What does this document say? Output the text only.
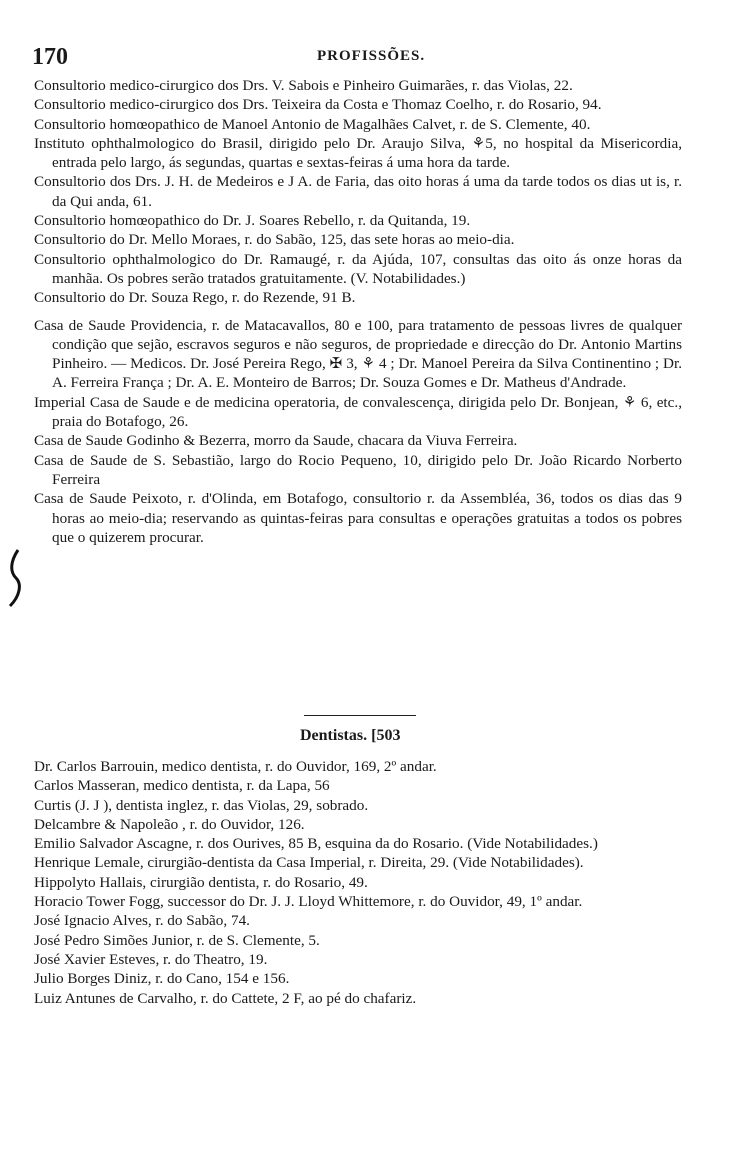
170	PROFISSÕES.

Consultorio medico-cirurgico dos Drs. V. Sabois e Pinheiro Guimarães, r. das Violas, 22.

Consultorio medico-cirurgico dos Drs. Teixeira da Costa e Thomaz Coelho, r. do Rosario, 94.

Consultorio homœopathico de Manoel Antonio de Magalhães Calvet, r. de S. Clemente, 40.

Instituto ophthalmologico do Brasil, dirigido pelo Dr. Araujo Silva, ⚘5, no hospital da Misericordia, entrada pelo largo, ás segundas, quartas e sextas-feiras á uma hora da tarde.

Consultorio dos Drs. J. H. de Medeiros e J A. de Faria, das oito horas á uma da tarde todos os dias ut is, r. da Qui anda, 61.

Consultorio homœopathico do Dr. J. Soares Rebello, r. da Quitanda, 19.

Consultorio do Dr. Mello Moraes, r. do Sabão, 125, das sete horas ao meio-dia.

Consultorio ophthalmologico do Dr. Ramaugé, r. da Ajúda, 107, consultas das oito ás onze horas da manhãa. Os pobres serão tratados gratuitamente. (V. Notabilidades.)

Consultorio do Dr. Souza Rego, r. do Rezende, 91 B.

Casa de Saude Providencia, r. de Matacavallos, 80 e 100, para tratamento de pessoas livres de qualquer condição que sejão, escravos seguros e não seguros, de propriedade e direcção do Dr. Antonio Martins Pinheiro. — Medicos. Dr. José Pereira Rego, ✠ 3, ⚘ 4 ; Dr. Manoel Pereira da Silva Continentino ; Dr. A. Ferreira França ; Dr. A. E. Monteiro de Barros; Dr. Souza Gomes e Dr. Matheus d'Andrade.

Imperial Casa de Saude e de medicina operatoria, de convalescença, dirigida pelo Dr. Bonjean, ⚘ 6, etc., praia do Botafogo, 26.

Casa de Saude Godinho & Bezerra, morro da Saude, chacara da Viuva Ferreira.

Casa de Saude de S. Sebastião, largo do Rocio Pequeno, 10, dirigido pelo Dr. João Ricardo Norberto Ferreira

Casa de Saude Peixoto, r. d'Olinda, em Botafogo, consultorio r. da Assembléa, 36, todos os dias das 9 horas ao meio-dia; reservando as quintas-feiras para consultas e operações gratuitas a todos os pobres que o quizerem procurar.

Dentistas. [503

Dr. Carlos Barrouin, medico dentista, r. do Ouvidor, 169, 2º andar.

Carlos Masseran, medico dentista, r. da Lapa, 56

Curtis (J. J ), dentista inglez, r. das Violas, 29, sobrado.

Delcambre & Napoleão , r. do Ouvidor, 126.

Emilio Salvador Ascagne, r. dos Ourives, 85 B, esquina da do Rosario. (Vide Notabilidades.)

Henrique Lemale, cirurgião-dentista da Casa Imperial, r. Direita, 29. (Vide Notabilidades).

Hippolyto Hallais, cirurgião dentista, r. do Rosario, 49.

Horacio Tower Fogg, successor do Dr. J. J. Lloyd Whittemore, r. do Ouvidor, 49, 1º andar.

José Ignacio Alves, r. do Sabão, 74.

José Pedro Simões Junior, r. de S. Clemente, 5.

José Xavier Esteves, r. do Theatro, 19.

Julio Borges Diniz, r. do Cano, 154 e 156.

Luiz Antunes de Carvalho, r. do Cattete, 2 F, ao pé do chafariz.
